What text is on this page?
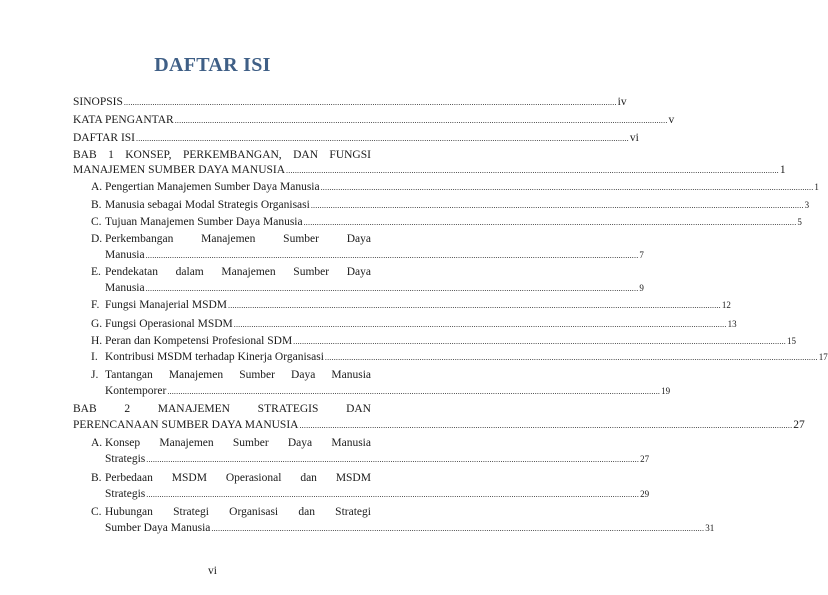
DAFTAR ISI
SINOPSIS .....	iv
KATA PENGANTAR .....	v
DAFTAR ISI .....	vi
BAB 1 KONSEP, PERKEMBANGAN, DAN FUNGSI
MANAJEMEN SUMBER DAYA MANUSIA .....	1
A. Pengertian Manajemen Sumber Daya Manusia .....	1
B. Manusia sebagai Modal Strategis Organisasi .....	3
C. Tujuan Manajemen Sumber Daya Manusia .....	5
D. Perkembangan Manajemen Sumber Daya
Manusia .....	7
E. Pendekatan dalam Manajemen Sumber Daya
Manusia .....	9
F. Fungsi Manajerial MSDM .....	12
G. Fungsi Operasional MSDM .....	13
H. Peran dan Kompetensi Profesional SDM .....	15
I. Kontribusi MSDM terhadap Kinerja Organisasi .....	17
J. Tantangan Manajemen Sumber Daya Manusia
Kontemporer .....	19
BAB 2 MANAJEMEN STRATEGIS DAN
PERENCANAAN SUMBER DAYA MANUSIA .....	27
A. Konsep Manajemen Sumber Daya Manusia
Strategis .....	27
B. Perbedaan MSDM Operasional dan MSDM
Strategis .....	29
C. Hubungan Strategi Organisasi dan Strategi
Sumber Daya Manusia .....	31
vi
